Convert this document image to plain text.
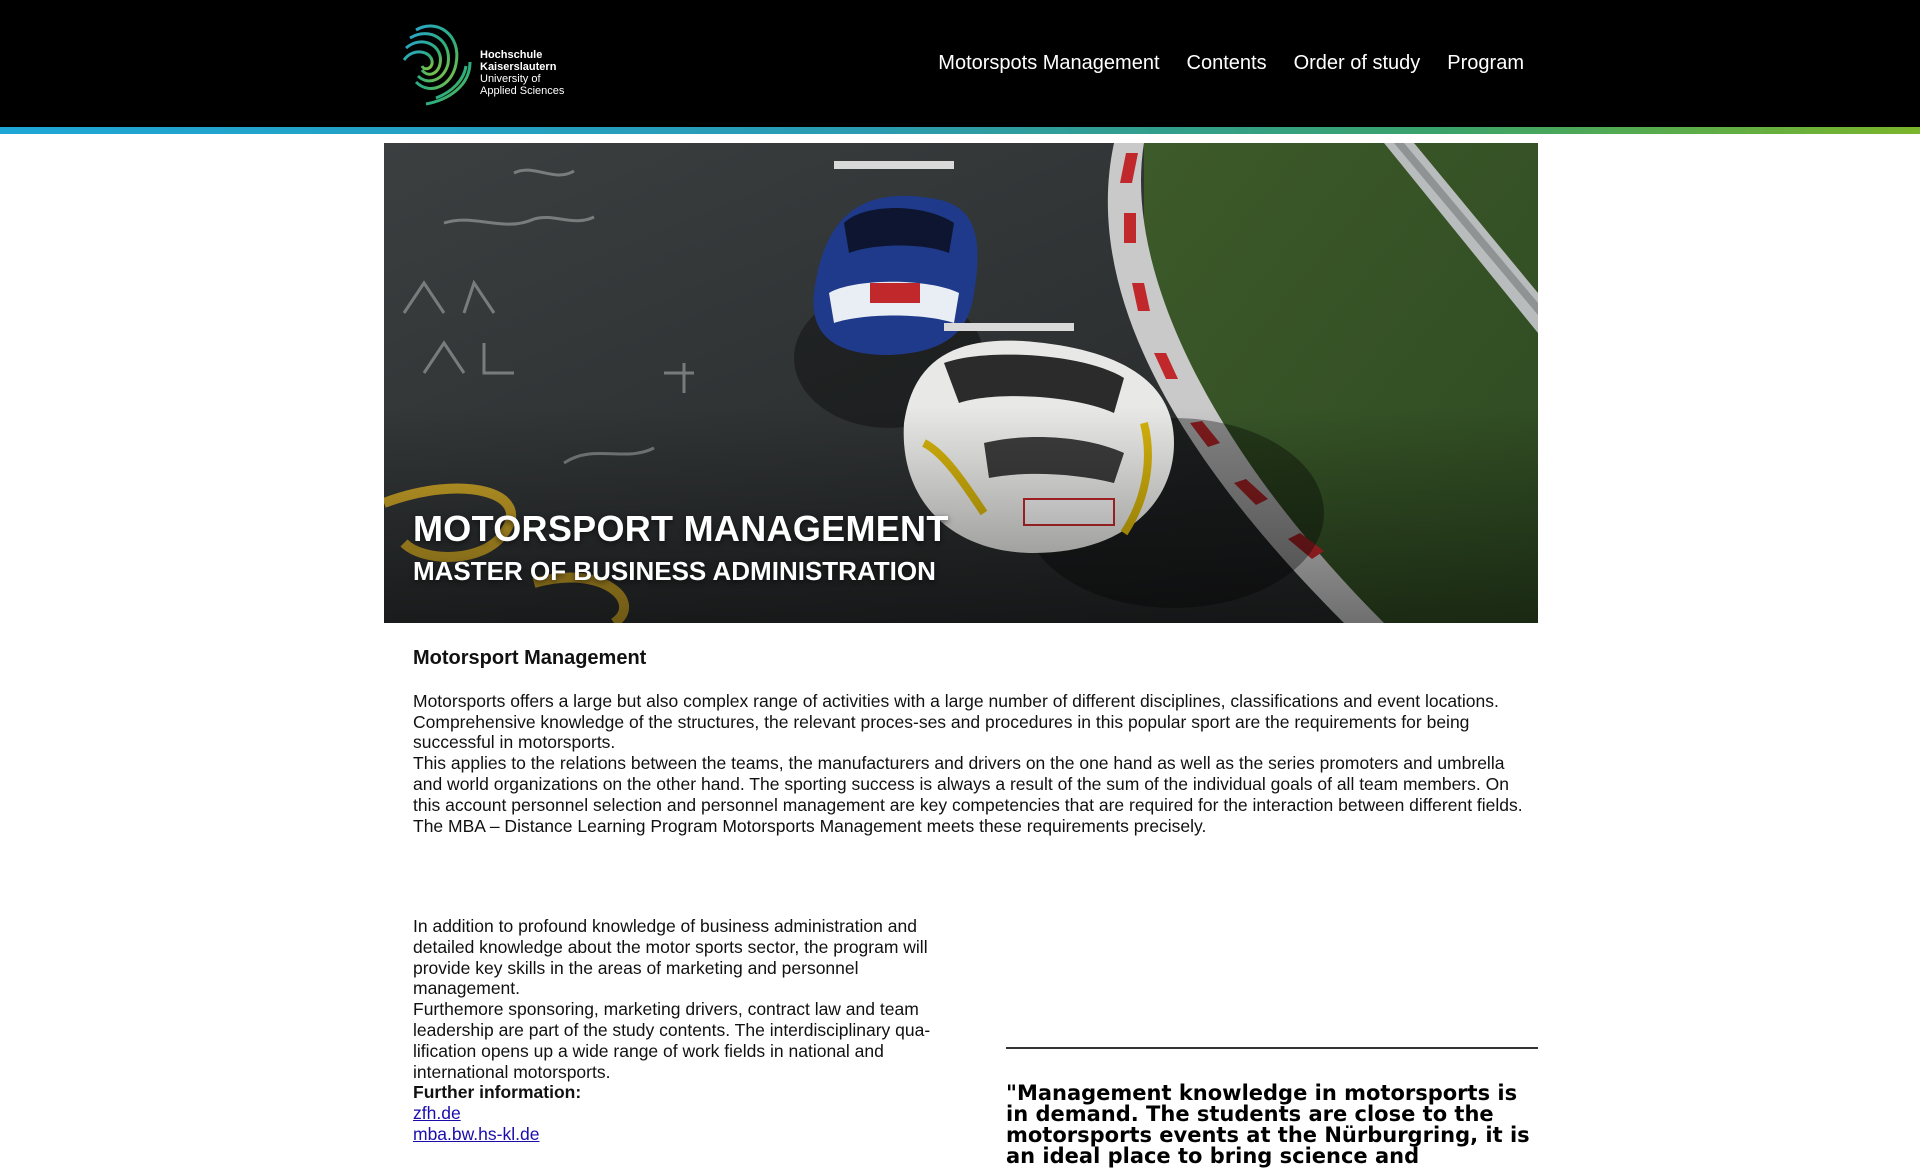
Hochschule
Kaiserslautern
University of
Applied Sciences
Motorspots Management Contents Order of study Program
MOTORSPORT MANAGEMENT
MASTER OF BUSINESS ADMINISTRATION
Motorsport Management

Motorsports offers a large but also complex range of activities with a large number of different disciplines, classifications and event locations.

Comprehensive knowledge of the structures, the relevant proces-ses and procedures in this popular sport are the requirements for being successful in motorsports.

This applies to the relations between the teams, the manufacturers and drivers on the one hand as well as the series promoters and umbrella and world organizations on the other hand. The sporting success is always a result of the sum of the individual goals of all team members. On this account personnel selection and personnel management are key competencies that are required for the interaction between different fields.

The MBA – Distance Learning Program Motorsports Management meets these requirements precisely.

In addition to profound knowledge of business administration and detailed knowledge about the motor sports sector, the program will provide key skills in the areas of marketing and personnel management.

Furthemore sponsoring, marketing drivers, contract law and team leadership are part of the study contents. The interdisciplinary qua-lification opens up a wide range of work fields in national and international motorsports.

Further information:

zfh.de
mba.bw.hs-kl.de
"Management knowledge in motorsports is in demand. The students are close to the motorsports events at the Nürburgring, it is an ideal place to bring science and
